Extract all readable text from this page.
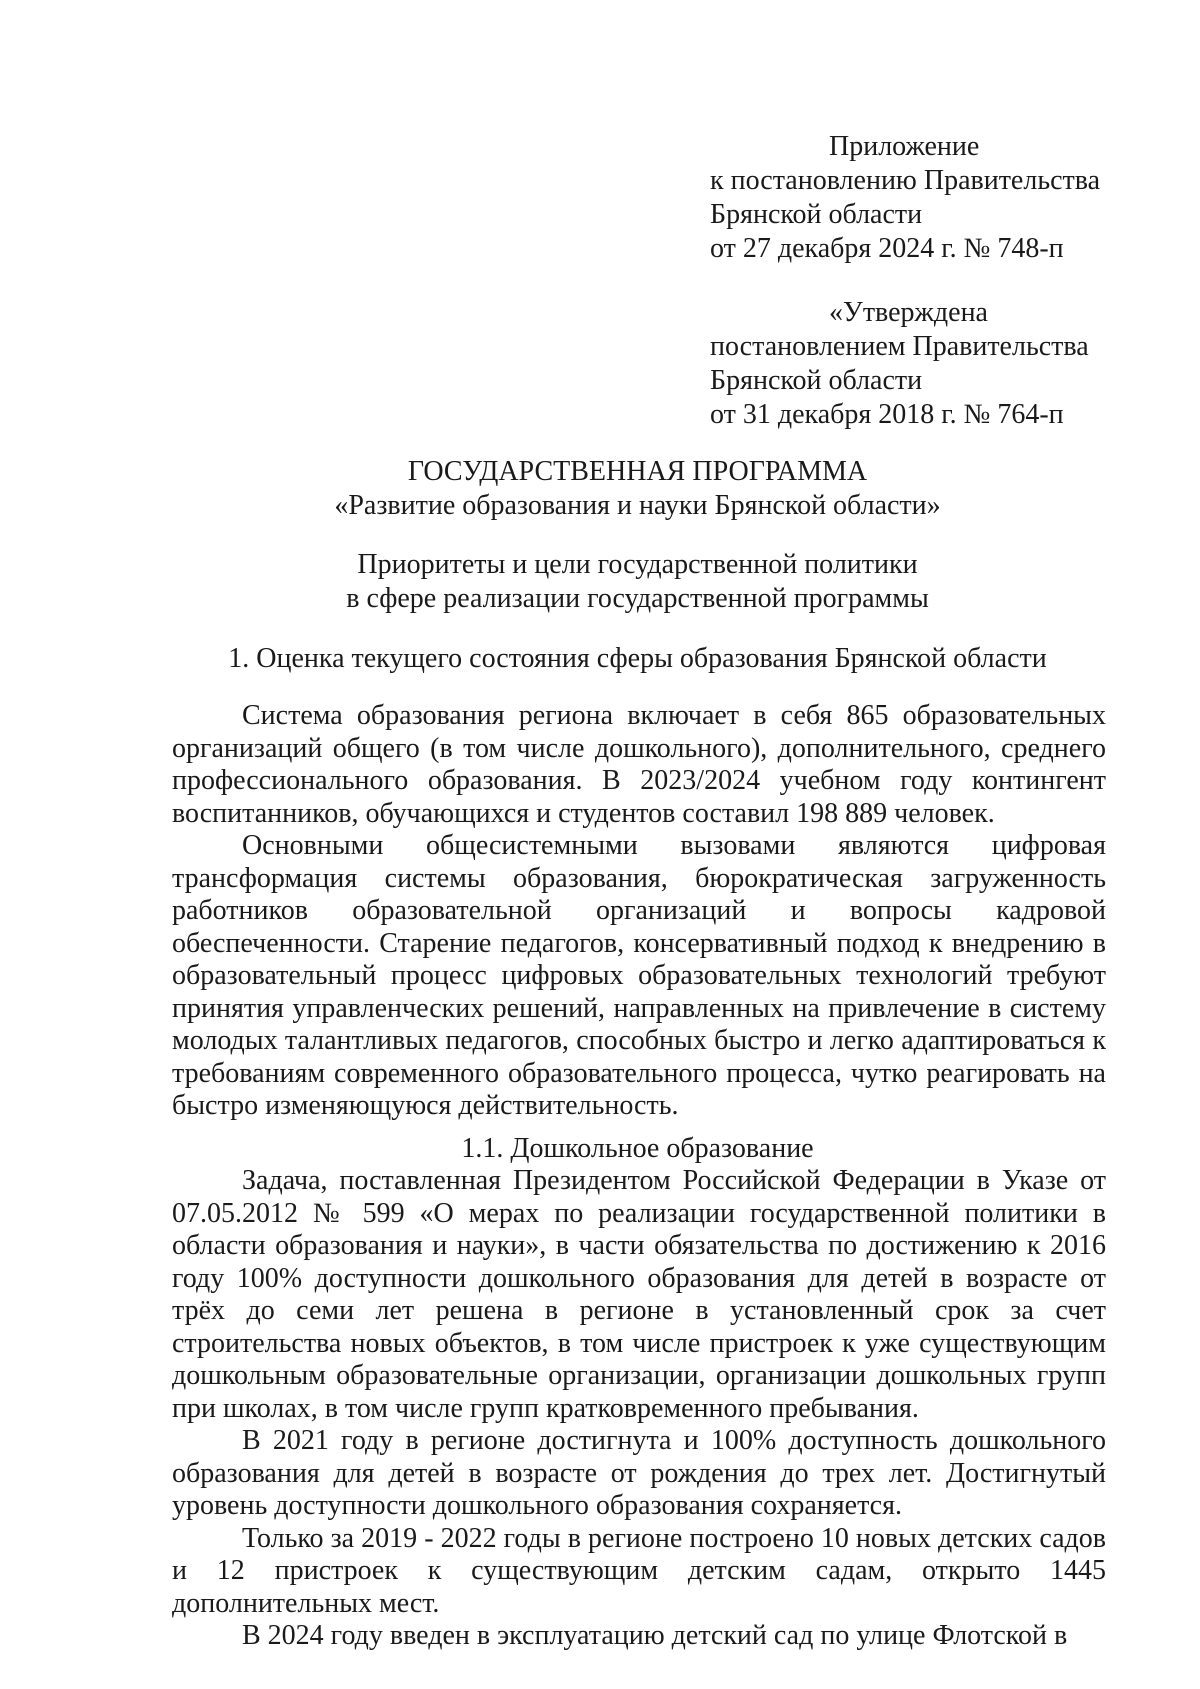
Приложение
к постановлению Правительства
Брянской области
от 27 декабря 2024 г. № 748-п
«Утверждена
постановлением Правительства
Брянской области
от 31 декабря 2018 г. № 764-п
ГОСУДАРСТВЕННАЯ ПРОГРАММА
«Развитие образования и науки Брянской области»
Приоритеты и цели государственной политики
в сфере реализации государственной программы
1. Оценка текущего состояния сферы образования Брянской области

Система образования региона включает в себя 865 образовательных организаций общего (в том числе дошкольного), дополнительного, среднего профессионального образования. В 2023/2024 учебном году контингент воспитанников, обучающихся и студентов составил 198 889 человек.

Основными общесистемными вызовами являются цифровая трансформация системы образования, бюрократическая загруженность работников образовательной организаций и вопросы кадровой обеспеченности. Старение педагогов, консервативный подход к внедрению в образовательный процесс цифровых образовательных технологий требуют принятия управленческих решений, направленных на привлечение в систему молодых талантливых педагогов, способных быстро и легко адаптироваться к требованиям современного образовательного процесса, чутко реагировать на быстро изменяющуюся действительность.

1.1. Дошкольное образование

Задача, поставленная Президентом Российской Федерации в Указе от 07.05.2012 № 599 «О мерах по реализации государственной политики в области образования и науки», в части обязательства по достижению к 2016 году 100% доступности дошкольного образования для детей в возрасте от трёх до семи лет решена в регионе в установленный срок за счет строительства новых объектов, в том числе пристроек к уже существующим дошкольным образовательные организации, организации дошкольных групп при школах, в том числе групп кратковременного пребывания.

В 2021 году в регионе достигнута и 100% доступность дошкольного образования для детей в возрасте от рождения до трех лет. Достигнутый уровень доступности дошкольного образования сохраняется.

Только за 2019 - 2022 годы в регионе построено 10 новых детских садов и 12 пристроек к существующим детским садам, открыто 1445 дополнительных мест.

В 2024 году введен в эксплуатацию детский сад по улице Флотской в
